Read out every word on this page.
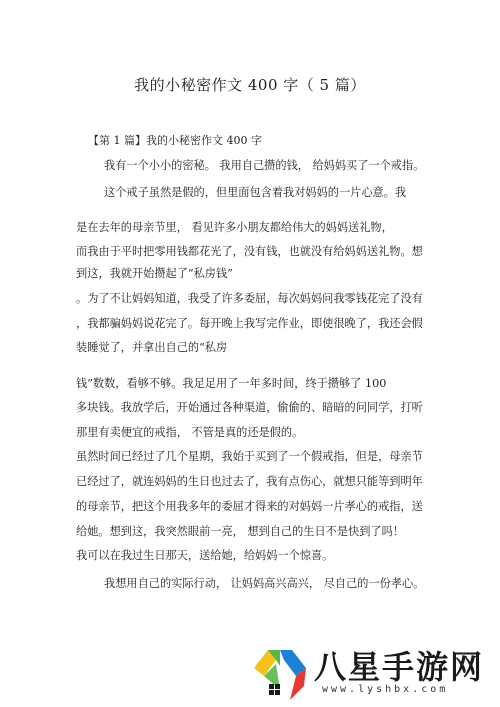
我的小秘密作文 400 字（ 5 篇）
【第 1 篇】我的小秘密作文 400 字
我有一个小小的密秘。 我用自己攒的钱， 给妈妈买了一个戒指。
这个戒子虽然是假的，但里面包含着我对妈妈的一片心意。我
是在去年的母亲节里， 看见许多小朋友都给伟大的妈妈送礼物，
而我由于平时把零用钱都花光了，没有钱，也就没有给妈妈送礼物。想
到这，我就开始攒起了“私房钱”
。为了不让妈妈知道，我受了许多委屈，每次妈妈问我零钱花完了没有
，我都骗妈妈说花完了。每开晚上我写完作业，即使很晚了，我还会假
装睡觉了，并拿出自己的“私房
钱”数数，看够不够。我足足用了一年多时间，终于攒够了 100
多块钱。我放学后，开始通过各种渠道，偷偷的、暗暗的问同学，打听
那里有卖便宜的戒指， 不管是真的还是假的。
虽然时间已经过了几个星期，我始于买到了一个假戒指，但是，母亲节
已经过了，就连妈妈的生日也过去了，我有点伤心，就想只能等到明年
的母亲节，把这个用我多年的委屈才得来的对妈妈一片孝心的戒指，送
给她。想到这，我突然眼前一亮， 想到自己的生日不是快到了吗！
我可以在我过生日那天，送给她，给妈妈一个惊喜。
我想用自己的实际行动， 让妈妈高兴高兴， 尽自己的一份孝心。
八星手游网
www.lyshbx.com
